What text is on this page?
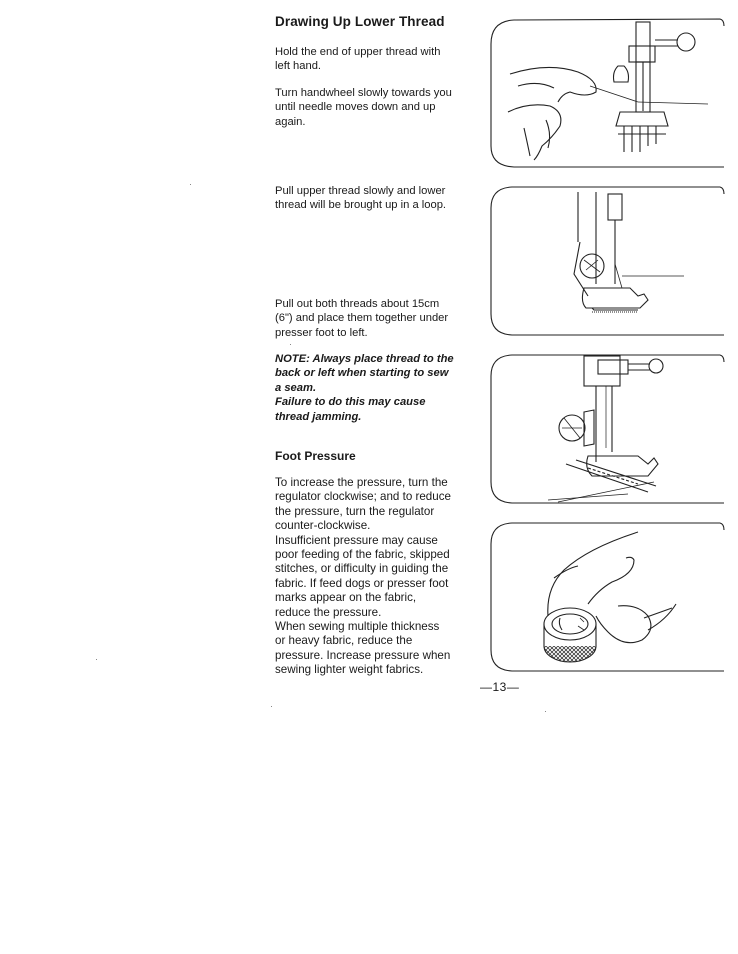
Drawing Up Lower Thread

Hold the end of upper thread with
left hand.

Turn handwheel slowly towards you
until needle moves down and up
again.

Pull upper thread slowly and lower
thread will be brought up in a loop.

Pull out both threads about 15cm
(6") and place them together under
presser foot to left.

NOTE: Always place thread to the
back or left when starting to sew
a seam.
Failure to do this may cause
thread jamming.

Foot Pressure

To increase the pressure, turn the
regulator clockwise; and to reduce
the pressure, turn the regulator
counter-clockwise.
Insufficient pressure may cause
poor feeding of the fabric, skipped
stitches, or difficulty in guiding the
fabric. If feed dogs or presser foot
marks appear on the fabric,
reduce the pressure.
When sewing multiple thickness
or heavy fabric, reduce the
pressure. Increase pressure when
sewing lighter weight fabrics.

—13—
